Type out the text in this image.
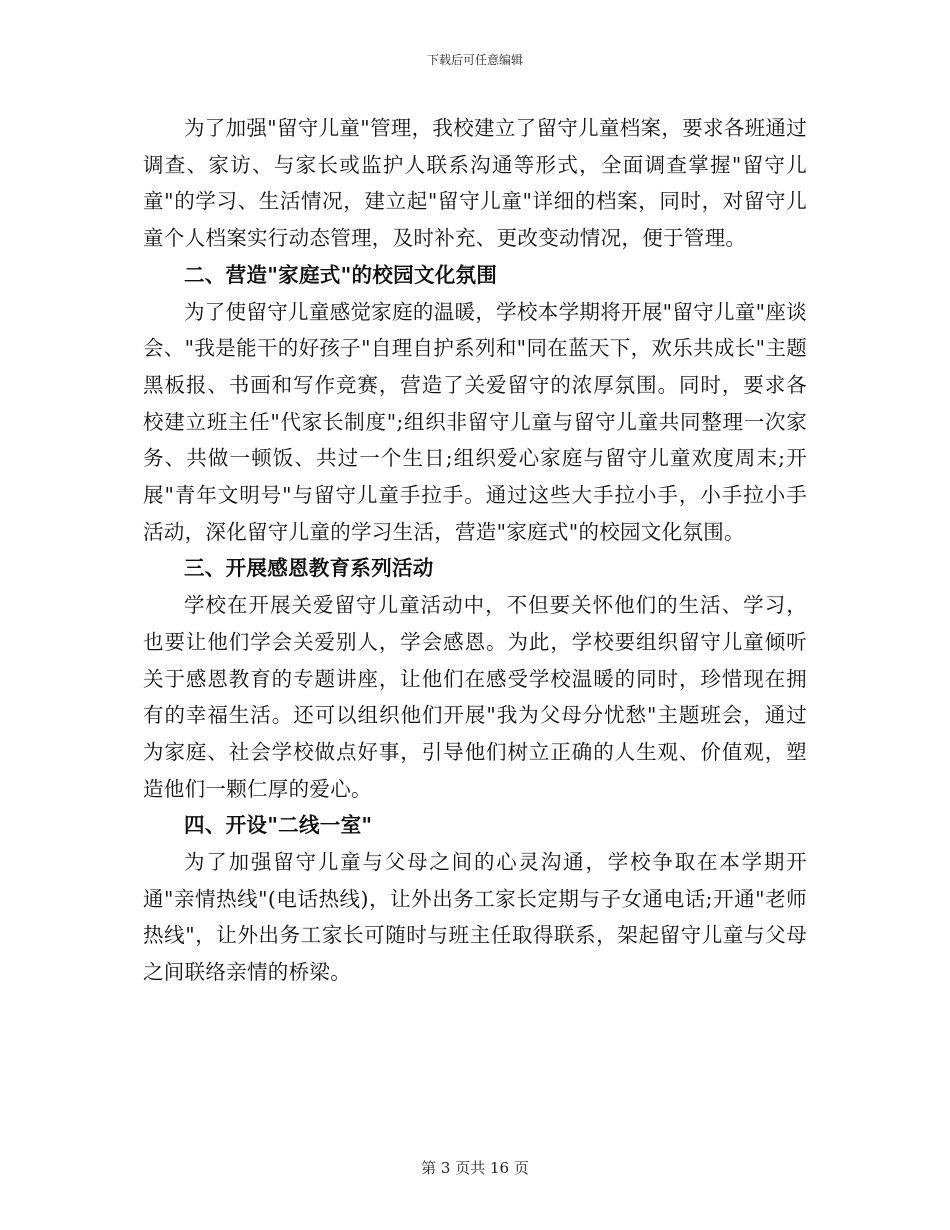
下载后可任意编辑

为了加强"留守儿童"管理，我校建立了留守儿童档案，要求各班通过调查、家访、与家长或监护人联系沟通等形式，全面调查掌握"留守儿童"的学习、生活情况，建立起"留守儿童"详细的档案，同时，对留守儿童个人档案实行动态管理，及时补充、更改变动情况，便于管理。

二、营造"家庭式"的校园文化氛围

为了使留守儿童感觉家庭的温暖，学校本学期将开展"留守儿童"座谈会、"我是能干的好孩子"自理自护系列和"同在蓝天下，欢乐共成长"主题黑板报、书画和写作竞赛，营造了关爱留守的浓厚氛围。同时，要求各校建立班主任"代家长制度";组织非留守儿童与留守儿童共同整理一次家务、共做一顿饭、共过一个生日;组织爱心家庭与留守儿童欢度周末;开展"青年文明号"与留守儿童手拉手。通过这些大手拉小手，小手拉小手活动，深化留守儿童的学习生活，营造"家庭式"的校园文化氛围。

三、开展感恩教育系列活动

学校在开展关爱留守儿童活动中，不但要关怀他们的生活、学习，也要让他们学会关爱别人，学会感恩。为此，学校要组织留守儿童倾听关于感恩教育的专题讲座，让他们在感受学校温暖的同时，珍惜现在拥有的幸福生活。还可以组织他们开展"我为父母分忧愁"主题班会，通过为家庭、社会学校做点好事，引导他们树立正确的人生观、价值观，塑造他们一颗仁厚的爱心。

四、开设"二线一室"

为了加强留守儿童与父母之间的心灵沟通，学校争取在本学期开通"亲情热线"(电话热线)，让外出务工家长定期与子女通电话;开通"老师热线"，让外出务工家长可随时与班主任取得联系，架起留守儿童与父母之间联络亲情的桥梁。

第 3 页共 16 页
